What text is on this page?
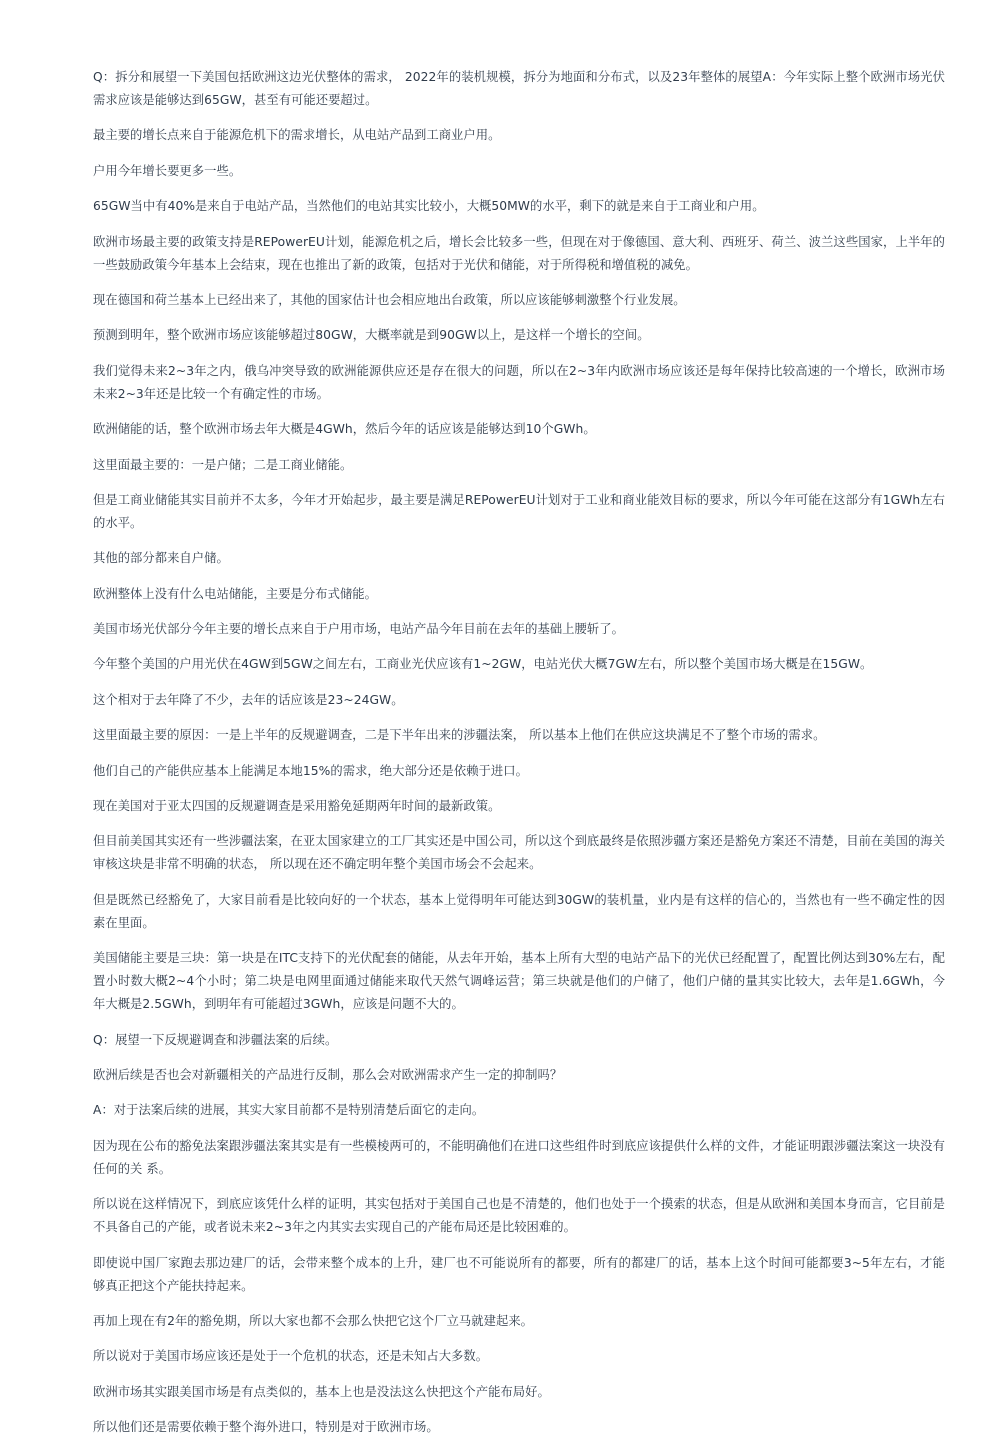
Q：拆分和展望一下美国包括欧洲这边光伏整体的需求， 2022年的装机规模，拆分为地面和分布式，以及23年整体的展望A：今年实际上整个欧洲市场光伏需求应该是能够达到65GW，甚至有可能还要超过。

最主要的增长点来自于能源危机下的需求增长，从电站产品到工商业户用。

户用今年增长要更多一些。

65GW当中有40%是来自于电站产品，当然他们的电站其实比较小，大概50MW的水平，剩下的就是来自于工商业和户用。

欧洲市场最主要的政策支持是REPowerEU计划，能源危机之后，增长会比较多一些，但现在对于像德国、意大利、西班牙、荷兰、波兰这些国家，上半年的一些鼓励政策今年基本上会结束，现在也推出了新的政策，包括对于光伏和储能，对于所得税和增值税的减免。

现在德国和荷兰基本上已经出来了，其他的国家估计也会相应地出台政策，所以应该能够刺激整个行业发展。

预测到明年，整个欧洲市场应该能够超过80GW，大概率就是到90GW以上，是这样一个增长的空间。

我们觉得未来2~3年之内，俄乌冲突导致的欧洲能源供应还是存在很大的问题，所以在2~3年内欧洲市场应该还是每年保持比较高速的一个增长，欧洲市场未来2~3年还是比较一个有确定性的市场。

欧洲储能的话，整个欧洲市场去年大概是4GWh，然后今年的话应该是能够达到10个GWh。

这里面最主要的：一是户储；二是工商业储能。

但是工商业储能其实目前并不太多，今年才开始起步，最主要是满足REPowerEU计划对于工业和商业能效目标的要求，所以今年可能在这部分有1GWh左右的水平。

其他的部分都来自户储。

欧洲整体上没有什么电站储能，主要是分布式储能。

美国市场光伏部分今年主要的增长点来自于户用市场，电站产品今年目前在去年的基础上腰斩了。

今年整个美国的户用光伏在4GW到5GW之间左右，工商业光伏应该有1~2GW，电站光伏大概7GW左右，所以整个美国市场大概是在15GW。

这个相对于去年降了不少，去年的话应该是23~24GW。

这里面最主要的原因：一是上半年的反规避调查，二是下半年出来的涉疆法案， 所以基本上他们在供应这块满足不了整个市场的需求。

他们自己的产能供应基本上能满足本地15%的需求，绝大部分还是依赖于进口。

现在美国对于亚太四国的反规避调查是采用豁免延期两年时间的最新政策。

但目前美国其实还有一些涉疆法案，在亚太国家建立的工厂其实还是中国公司，所以这个到底最终是依照涉疆方案还是豁免方案还不清楚，目前在美国的海关审核这块是非常不明确的状态， 所以现在还不确定明年整个美国市场会不会起来。

但是既然已经豁免了，大家目前看是比较向好的一个状态，基本上觉得明年可能达到30GW的装机量，业内是有这样的信心的，当然也有一些不确定性的因素在里面。

美国储能主要是三块：第一块是在ITC支持下的光伏配套的储能，从去年开始，基本上所有大型的电站产品下的光伏已经配置了，配置比例达到30%左右，配置小时数大概2~4个小时；第二块是电网里面通过储能来取代天然气调峰运营；第三块就是他们的户储了，他们户储的量其实比较大，去年是1.6GWh，今年大概是2.5GWh，到明年有可能超过3GWh，应该是问题不大的。

Q：展望一下反规避调查和涉疆法案的后续。

欧洲后续是否也会对新疆相关的产品进行反制，那么会对欧洲需求产生一定的抑制吗？

A：对于法案后续的进展，其实大家目前都不是特别清楚后面它的走向。

因为现在公布的豁免法案跟涉疆法案其实是有一些模棱两可的，不能明确他们在进口这些组件时到底应该提供什么样的文件，才能证明跟涉疆法案这一块没有任何的关 系。

所以说在这样情况下，到底应该凭什么样的证明，其实包括对于美国自己也是不清楚的，他们也处于一个摸索的状态，但是从欧洲和美国本身而言，它目前是不具备自己的产能，或者说未来2~3年之内其实去实现自己的产能布局还是比较困难的。

即使说中国厂家跑去那边建厂的话，会带来整个成本的上升，建厂也不可能说所有的都要，所有的都建厂的话，基本上这个时间可能都要3~5年左右，才能够真正把这个产能扶持起来。

再加上现在有2年的豁免期，所以大家也都不会那么快把它这个厂立马就建起来。

所以说对于美国市场应该还是处于一个危机的状态，还是未知占大多数。

欧洲市场其实跟美国市场是有点类似的，基本上也是没法这么快把这个产能布局好。

所以他们还是需要依赖于整个海外进口，特别是对于欧洲市场。
